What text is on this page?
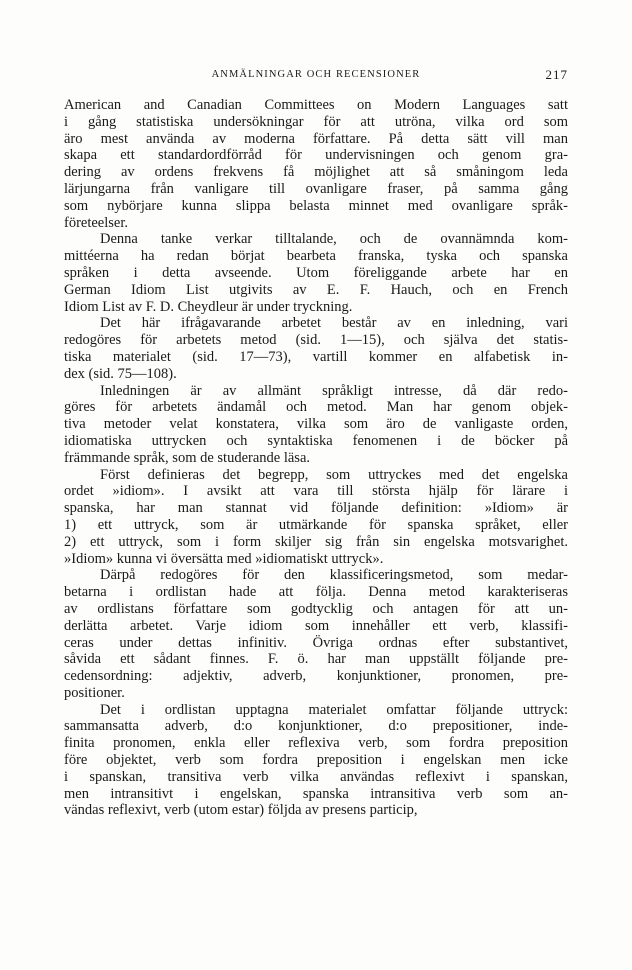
ANMÄLNINGAR OCH RECENSIONER	217
American and Canadian Committees on Modern Languages satt
i gång statistiska undersökningar för att utröna, vilka ord som
äro mest använda av moderna författare. På detta sätt vill man
skapa ett standardordförråd för undervisningen och genom gra-
dering av ordens frekvens få möjlighet att så småningom leda
lärjungarna från vanligare till ovanligare fraser, på samma gång
som nybörjare kunna slippa belasta minnet med ovanligare språk-
företeelser.
Denna tanke verkar tilltalande, och de ovannämnda kom-
mittéerna ha redan börjat bearbeta franska, tyska och spanska
språken i detta avseende. Utom föreliggande arbete har en
German Idiom List utgivits av E. F. Hauch, och en French
Idiom List av F. D. Cheydleur är under tryckning.
Det här ifrågavarande arbetet består av en inledning, vari
redogöres för arbetets metod (sid. 1—15), och själva det statis-
tiska materialet (sid. 17—73), vartill kommer en alfabetisk in-
dex (sid. 75—108).
Inledningen är av allmänt språkligt intresse, då där redo-
göres för arbetets ändamål och metod. Man har genom objek-
tiva metoder velat konstatera, vilka som äro de vanligaste orden,
idiomatiska uttrycken och syntaktiska fenomenen i de böcker på
främmande språk, som de studerande läsa.
Först definieras det begrepp, som uttryckes med det engelska
ordet »idiom». I avsikt att vara till största hjälp för lärare i
spanska, har man stannat vid följande definition: »Idiom» är
1) ett uttryck, som är utmärkande för spanska språket, eller
2) ett uttryck, som i form skiljer sig från sin engelska motsvarighet.
»Idiom» kunna vi översätta med »idiomatiskt uttryck».
Därpå redogöres för den klassificeringsmetod, som medar-
betarna i ordlistan hade att följa. Denna metod karakteriseras
av ordlistans författare som godtycklig och antagen för att un-
derlätta arbetet. Varje idiom som innehåller ett verb, klassifi-
ceras under dettas infinitiv. Övriga ordnas efter substantivet,
såvida ett sådant finnes. F. ö. har man uppställt följande pre-
cedensordning: adjektiv, adverb, konjunktioner, pronomen, pre-
positioner.
Det i ordlistan upptagna materialet omfattar följande uttryck:
sammansatta adverb, d:o konjunktioner, d:o prepositioner, inde-
finita pronomen, enkla eller reflexiva verb, som fordra preposition
före objektet, verb som fordra preposition i engelskan men icke
i spanskan, transitiva verb vilka användas reflexivt i spanskan,
men intransitivt i engelskan, spanska intransitiva verb som an-
vändas reflexivt, verb (utom estar) följda av presens particip,
